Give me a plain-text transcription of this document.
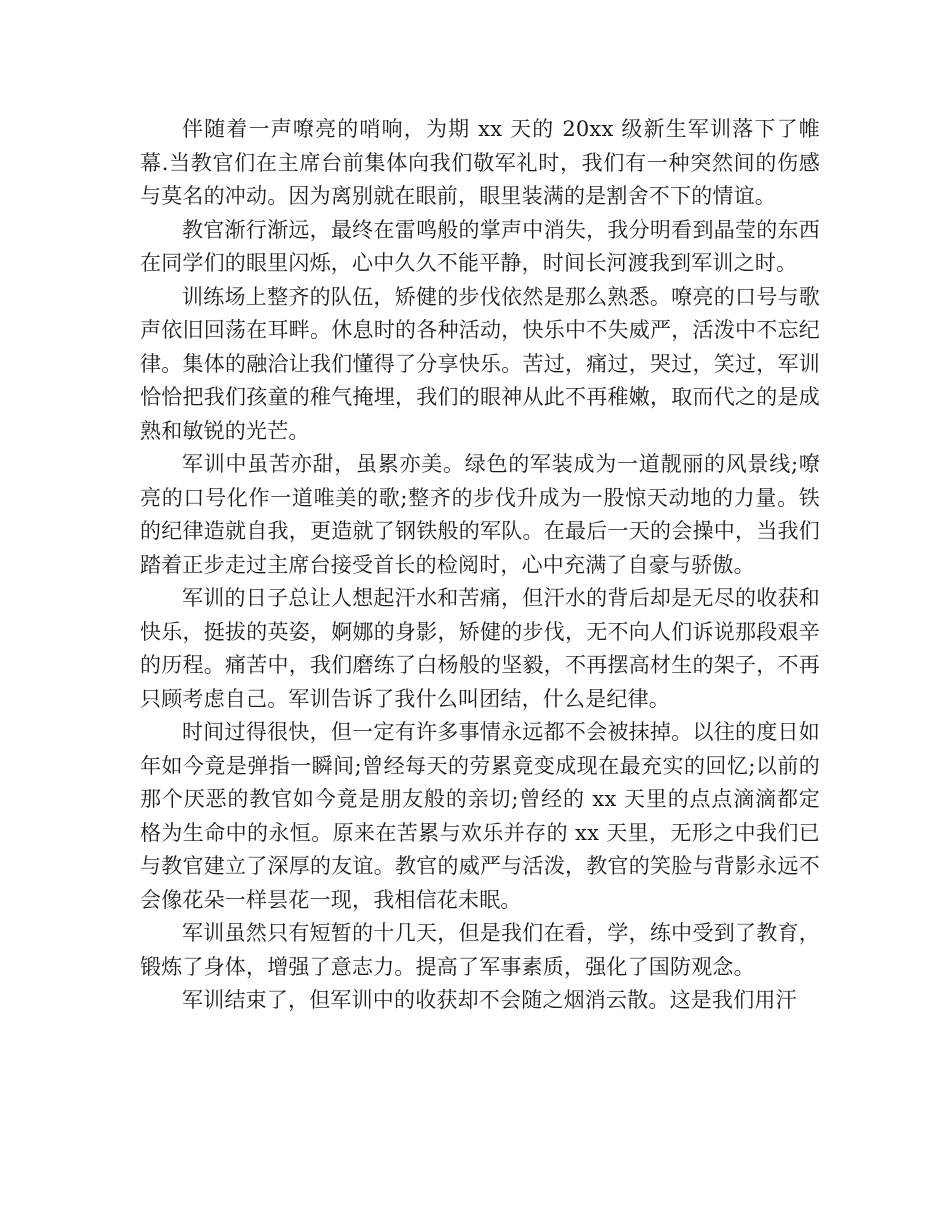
伴随着一声嘹亮的哨响，为期 xx 天的 20xx 级新生军训落下了帷幕.当教官们在主席台前集体向我们敬军礼时，我们有一种突然间的伤感与莫名的冲动。因为离别就在眼前，眼里装满的是割舍不下的情谊。

教官渐行渐远，最终在雷鸣般的掌声中消失，我分明看到晶莹的东西在同学们的眼里闪烁，心中久久不能平静，时间长河渡我到军训之时。

训练场上整齐的队伍，矫健的步伐依然是那么熟悉。嘹亮的口号与歌声依旧回荡在耳畔。休息时的各种活动，快乐中不失威严，活泼中不忘纪律。集体的融洽让我们懂得了分享快乐。苦过，痛过，哭过，笑过，军训恰恰把我们孩童的稚气掩埋，我们的眼神从此不再稚嫩，取而代之的是成熟和敏锐的光芒。

军训中虽苦亦甜，虽累亦美。绿色的军装成为一道靓丽的风景线;嘹亮的口号化作一道唯美的歌;整齐的步伐升成为一股惊天动地的力量。铁的纪律造就自我，更造就了钢铁般的军队。在最后一天的会操中，当我们踏着正步走过主席台接受首长的检阅时，心中充满了自豪与骄傲。

军训的日子总让人想起汗水和苦痛，但汗水的背后却是无尽的收获和快乐，挺拔的英姿，婀娜的身影，矫健的步伐，无不向人们诉说那段艰辛的历程。痛苦中，我们磨练了白杨般的坚毅，不再摆高材生的架子，不再只顾考虑自己。军训告诉了我什么叫团结，什么是纪律。

时间过得很快，但一定有许多事情永远都不会被抹掉。以往的度日如年如今竟是弹指一瞬间;曾经每天的劳累竟变成现在最充实的回忆;以前的那个厌恶的教官如今竟是朋友般的亲切;曾经的 xx 天里的点点滴滴都定格为生命中的永恒。原来在苦累与欢乐并存的 xx 天里，无形之中我们已与教官建立了深厚的友谊。教官的威严与活泼，教官的笑脸与背影永远不会像花朵一样昙花一现，我相信花未眠。

军训虽然只有短暂的十几天，但是我们在看，学，练中受到了教育，锻炼了身体，增强了意志力。提高了军事素质，强化了国防观念。

军训结束了，但军训中的收获却不会随之烟消云散。这是我们用汗
